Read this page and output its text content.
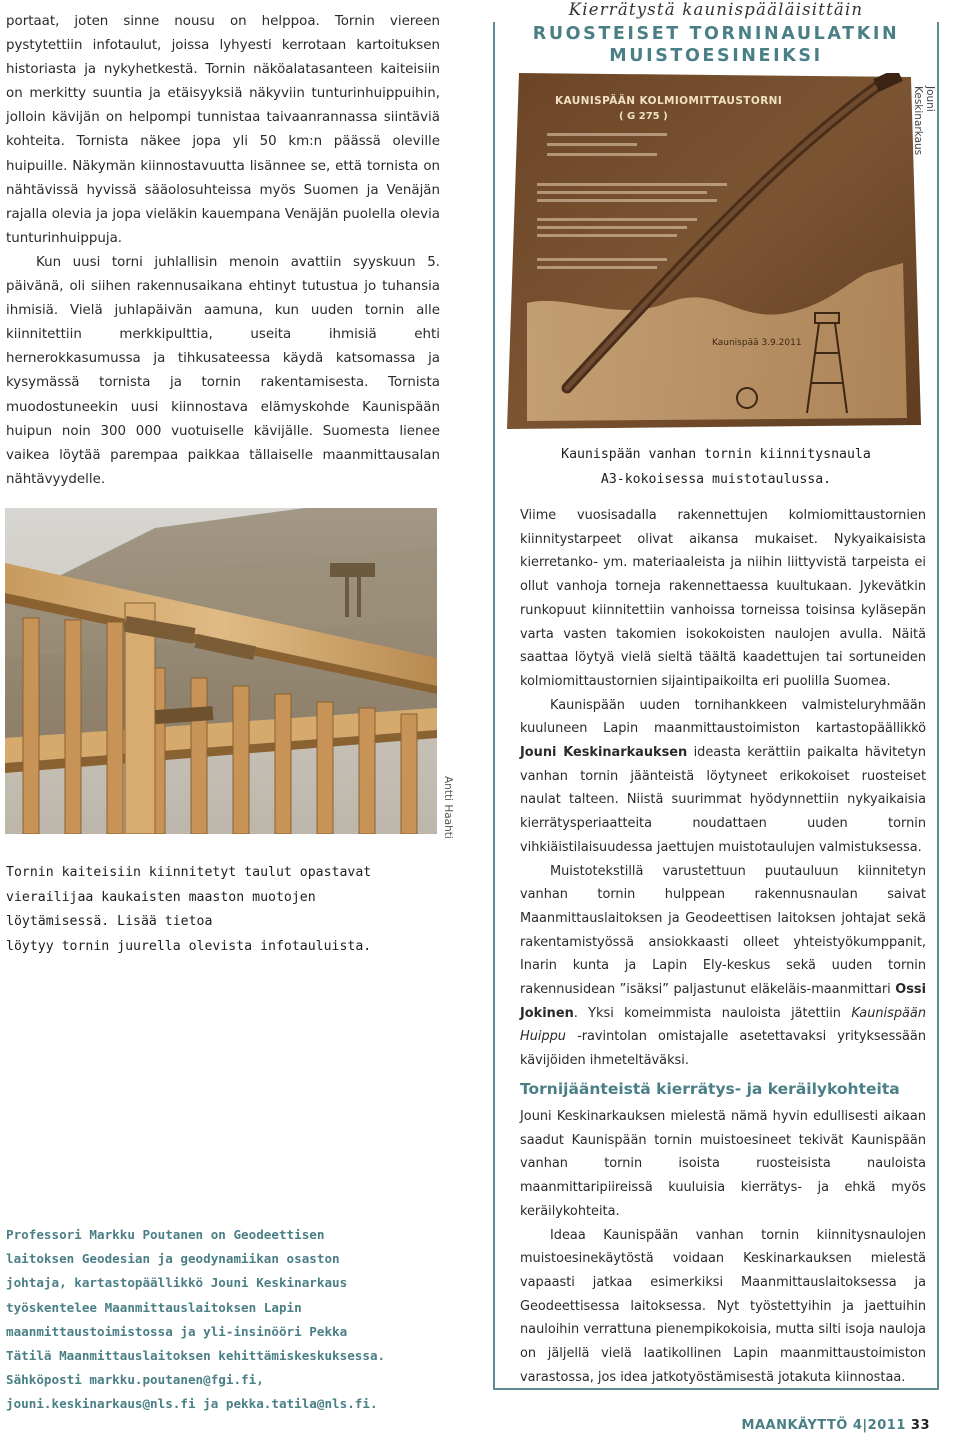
portaat, joten sinne nousu on helppoa. Tornin viereen pystytettiin infotaulut, joissa lyhyesti kerrotaan kartoituksen historiasta ja nykyhetkestä. Tornin näköalatasanteen kaiteisiin on merkitty suuntia ja etäisyyksiä näkyviin tunturinhuippuihin, jolloin kävijän on helpompi tunnistaa taivaanrannassa siintäviä kohteita. Tornista näkee jopa yli 50 km:n päässä oleville huipuille. Näkymän kiinnostavuutta lisännee se, että tornista on nähtävissä hyvissä sääolosuhteissa myös Suomen ja Venäjän rajalla olevia ja jopa vieläkin kauempana Venäjän puolella olevia tunturinhuippuja.

Kun uusi torni juhlallisin menoin avattiin syyskuun 5. päivänä, oli siihen rakennusaikana ehtinyt tutustua jo tuhansia ihmisiä. Vielä juhlapäivän aamuna, kun uuden tornin alle kiinnitettiin merkkipulttia, useita ihmisiä ehti hernerokkasumussa ja tihkusateessa käydä katsomassa ja kysymässä tornista ja tornin rakentamisesta. Tornista muodostuneekin uusi kiinnostava elämyskohde Kaunispään huipun noin 300 000 vuotuiselle kävijälle. Suomesta lienee vaikea löytää parempaa paikkaa tällaiselle maanmittausalan nähtävyydelle.

Antti Haahti
Tornin kaiteisiin kiinnitetyt taulut opastavat
vierailijaa kaukaisten maaston muotojen
löytämisessä. Lisää tietoa
löytyy tornin juurella olevista infotauluista.
Professori Markku Poutanen on Geodeettisen laitoksen Geodesian ja geodynamiikan osaston johtaja, kartastopäällikkö Jouni Keskinarkaus työskentelee Maanmittauslaitoksen Lapin maanmittaustoimistossa ja yli-insinööri Pekka Tätilä Maanmittauslaitoksen kehittämiskeskuksessa. Sähköposti markku.poutanen@fgi.fi, jouni.keskinarkaus@nls.fi ja pekka.tatila@nls.fi.
Kierrätystä kaunispääläisittäin
RUOSTEISET TORNINAULATKIN
MUISTOESINEIKSI
KAUNISPÄÄN KOLMIOMITTAUSTORNI
( G 275 )
Kaunispää 3.9.2011
Jouni Keskinarkaus
Kaunispään vanhan tornin kiinnitysnaula
A3-kokoisessa muistotaulussa.

Viime vuosisadalla rakennettujen kolmiomittaustornien kiinnitystarpeet olivat aikansa mukaiset. Nykyaikaisista kierretanko- ym. materiaaleista ja niihin liittyvistä tarpeista ei ollut vanhoja torneja rakennettaessa kuultukaan. Jykevätkin runkopuut kiinnitettiin vanhoissa torneissa toisinsa kyläsepän varta vasten takomien isokokoisten naulojen avulla. Näitä saattaa löytyä vielä sieltä täältä kaadettujen tai sortuneiden kolmiomittaustornien sijaintipaikoilta eri puolilla Suomea.

Kaunispään uuden tornihankkeen valmisteluryhmään kuuluneen Lapin maanmittaustoimiston kartastopäällikkö Jouni Keskinarkauksen ideasta kerättiin paikalta hävitetyn vanhan tornin jäänteistä löytyneet erikokoiset ruosteiset naulat talteen. Niistä suurimmat hyödynnettiin nykyaikaisia kierrätysperiaatteita noudattaen uuden tornin vihkiäistilaisuudessa jaettujen muistotaulujen valmistuksessa.

Muistotekstillä varustettuun puutauluun kiinnitetyn vanhan tornin hulppean rakennusnaulan saivat Maanmittauslaitoksen ja Geodeettisen laitoksen johtajat sekä rakentamistyössä ansiokkaasti olleet yhteistyökumppanit, Inarin kunta ja Lapin Ely-keskus sekä uuden tornin rakennusidean ”isäksi” paljastunut eläkeläis-maanmittari Ossi Jokinen. Yksi komeimmista nauloista jätettiin Kaunispään Huippu -ravintolan omistajalle asetettavaksi yrityksessään kävijöiden ihmeteltäväksi.

Tornijäänteistä kierrätys- ja keräilykohteita

Jouni Keskinarkauksen mielestä nämä hyvin edullisesti aikaan saadut Kaunispään tornin muistoesineet tekivät Kaunispään vanhan tornin isoista ruosteisista nauloista maanmittaripiireissä kuuluisia kierrätys- ja ehkä myös keräilykohteita.

Ideaa Kaunispään vanhan tornin kiinnitysnaulojen muistoesinekäytöstä voidaan Keskinarkauksen mielestä vapaasti jatkaa esimerkiksi Maanmittauslaitoksessa ja Geodeettisessa laitoksessa. Nyt työstettyihin ja jaettuihin nauloihin verrattuna pienempikokoisia, mutta silti isoja nauloja on jäljellä vielä laatikollinen Lapin maanmittaustoimiston varastossa, jos idea jatkotyöstämisestä jotakuta kiinnostaa.

MAANKÄYTTÖ 4|2011 33
